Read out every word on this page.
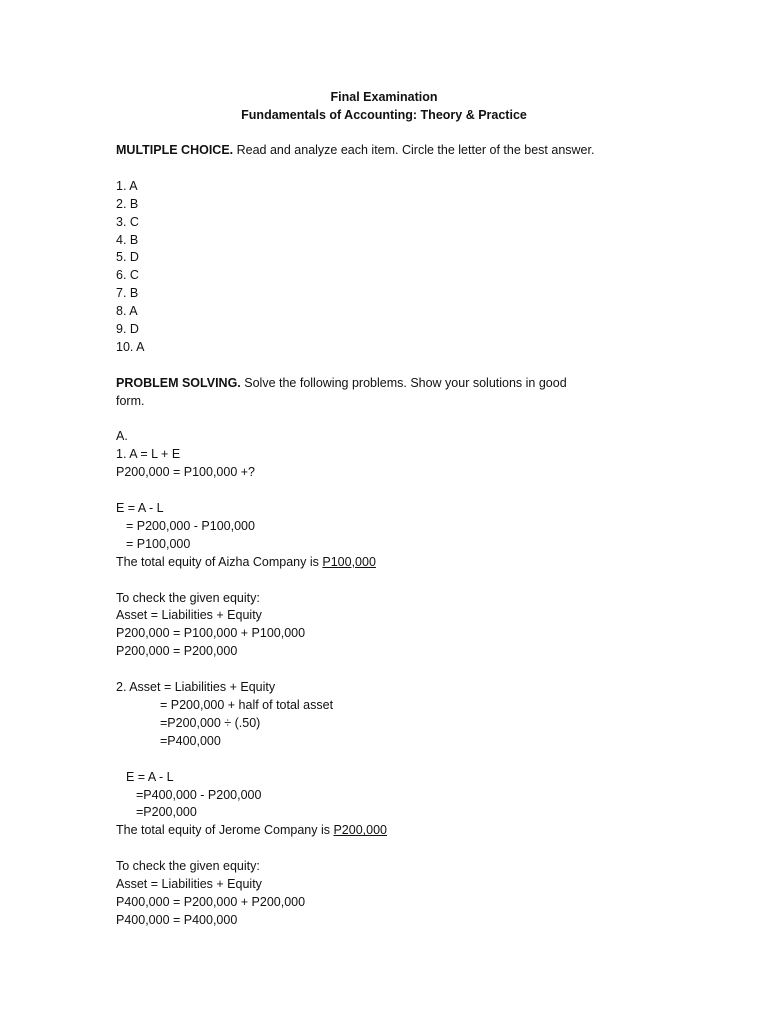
Final Examination
Fundamentals of Accounting: Theory & Practice
MULTIPLE CHOICE. Read and analyze each item. Circle the letter of the best answer.
1. A
2. B
3. C
4. B
5. D
6. C
7. B
8. A
9. D
10. A
PROBLEM SOLVING. Solve the following problems. Show your solutions in good
form.
A.
1. A = L + E
P200,000 = P100,000 +?
E = A - L
= P200,000 - P100,000
= P100,000
The total equity of Aizha Company is P100,000
To check the given equity:
Asset = Liabilities + Equity
P200,000 = P100,000 + P100,000
P200,000 = P200,000
2. Asset = Liabilities + Equity
= P200,000 + half of total asset
=P200,000 ÷ (.50)
=P400,000
E = A - L
=P400,000 - P200,000
=P200,000
The total equity of Jerome Company is P200,000
To check the given equity:
Asset = Liabilities + Equity
P400,000 = P200,000 + P200,000
P400,000 = P400,000
